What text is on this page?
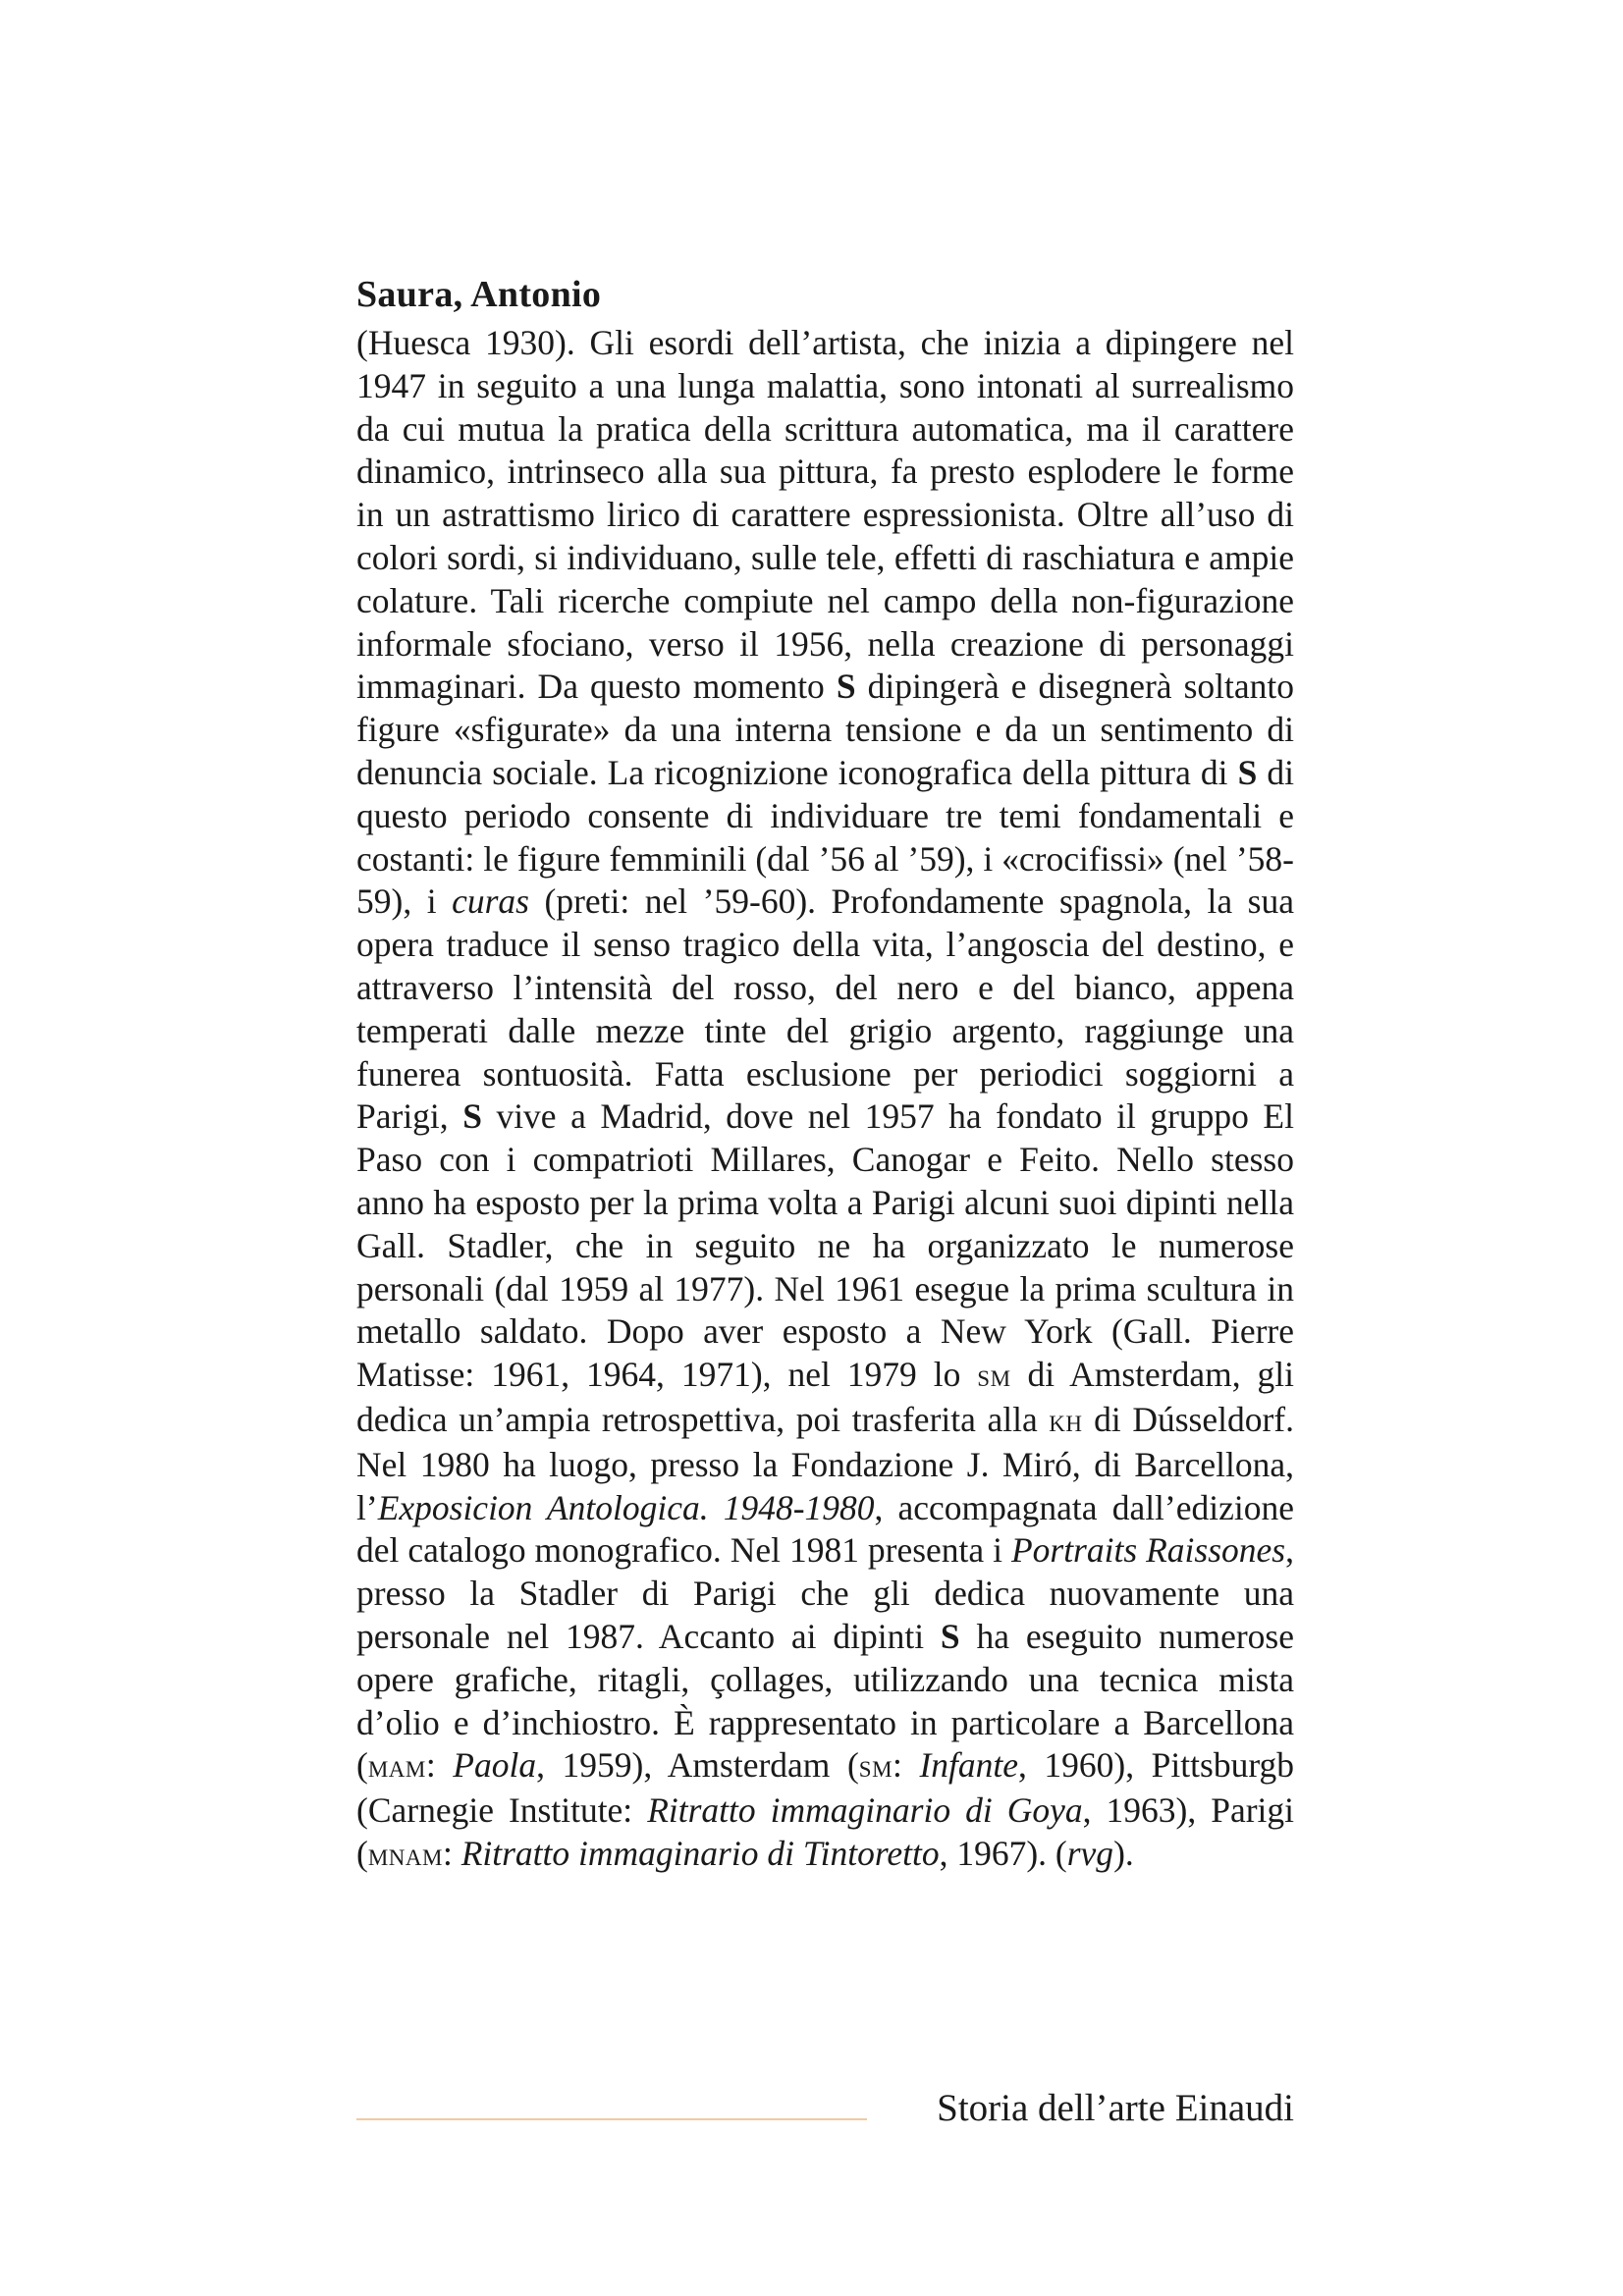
Saura, Antonio

(Huesca 1930). Gli esordi dell’artista, che inizia a dipingere nel 1947 in seguito a una lunga malattia, sono intonati al surrealismo da cui mutua la pratica della scrittura automatica, ma il carattere dinamico, intrinseco alla sua pittura, fa presto esplodere le forme in un astrattismo lirico di carattere espressionista. Oltre all’uso di colori sordi, si individuano, sulle tele, effetti di raschiatura e ampie colature. Tali ricerche compiute nel campo della non-figurazione informale sfociano, verso il 1956, nella creazione di personaggi immaginari. Da questo momento S dipingerà e disegnerà soltanto figure «sfigurate» da una interna tensione e da un sentimento di denuncia sociale. La ricognizione iconografica della pittura di S di questo periodo consente di individuare tre temi fondamentali e costanti: le figure femminili (dal ’56 al ’59), i «crocifissi» (nel ’58-59), i curas (preti: nel ’59-60). Profondamente spagnola, la sua opera traduce il senso tragico della vita, l’angoscia del destino, e attraverso l’intensità del rosso, del nero e del bianco, appena temperati dalle mezze tinte del grigio argento, raggiunge una funerea sontuosità. Fatta esclusione per periodici soggiorni a Parigi, S vive a Madrid, dove nel 1957 ha fondato il gruppo El Paso con i compatrioti Millares, Canogar e Feito. Nello stesso anno ha esposto per la prima volta a Parigi alcuni suoi dipinti nella Gall. Stadler, che in seguito ne ha organizzato le numerose personali (dal 1959 al 1977). Nel 1961 esegue la prima scultura in metallo saldato. Dopo aver esposto a New York (Gall. Pierre Matisse: 1961, 1964, 1971), nel 1979 lo sm di Amsterdam, gli dedica un’ampia retrospettiva, poi trasferita alla kh di Dússeldorf. Nel 1980 ha luogo, presso la Fondazione J. Miró, di Barcellona, l’Exposicion Antologica. 1948-1980, accompagnata dall’edizione del catalogo monografico. Nel 1981 presenta i Portraits Raissones, presso la Stadler di Parigi che gli dedica nuovamente una personale nel 1987. Accanto ai dipinti S ha eseguito numerose opere grafiche, ritagli, çollages, utilizzando una tecnica mista d’olio e d’inchiostro. È rappresentato in particolare a Barcellona (mam: Paola, 1959), Amsterdam (sm: Infante, 1960), Pittsburgb (Carnegie Institute: Ritratto immaginario di Goya, 1963), Parigi (mnam: Ritratto immaginario di Tintoretto, 1967). (rvg).

Storia dell’arte Einaudi
